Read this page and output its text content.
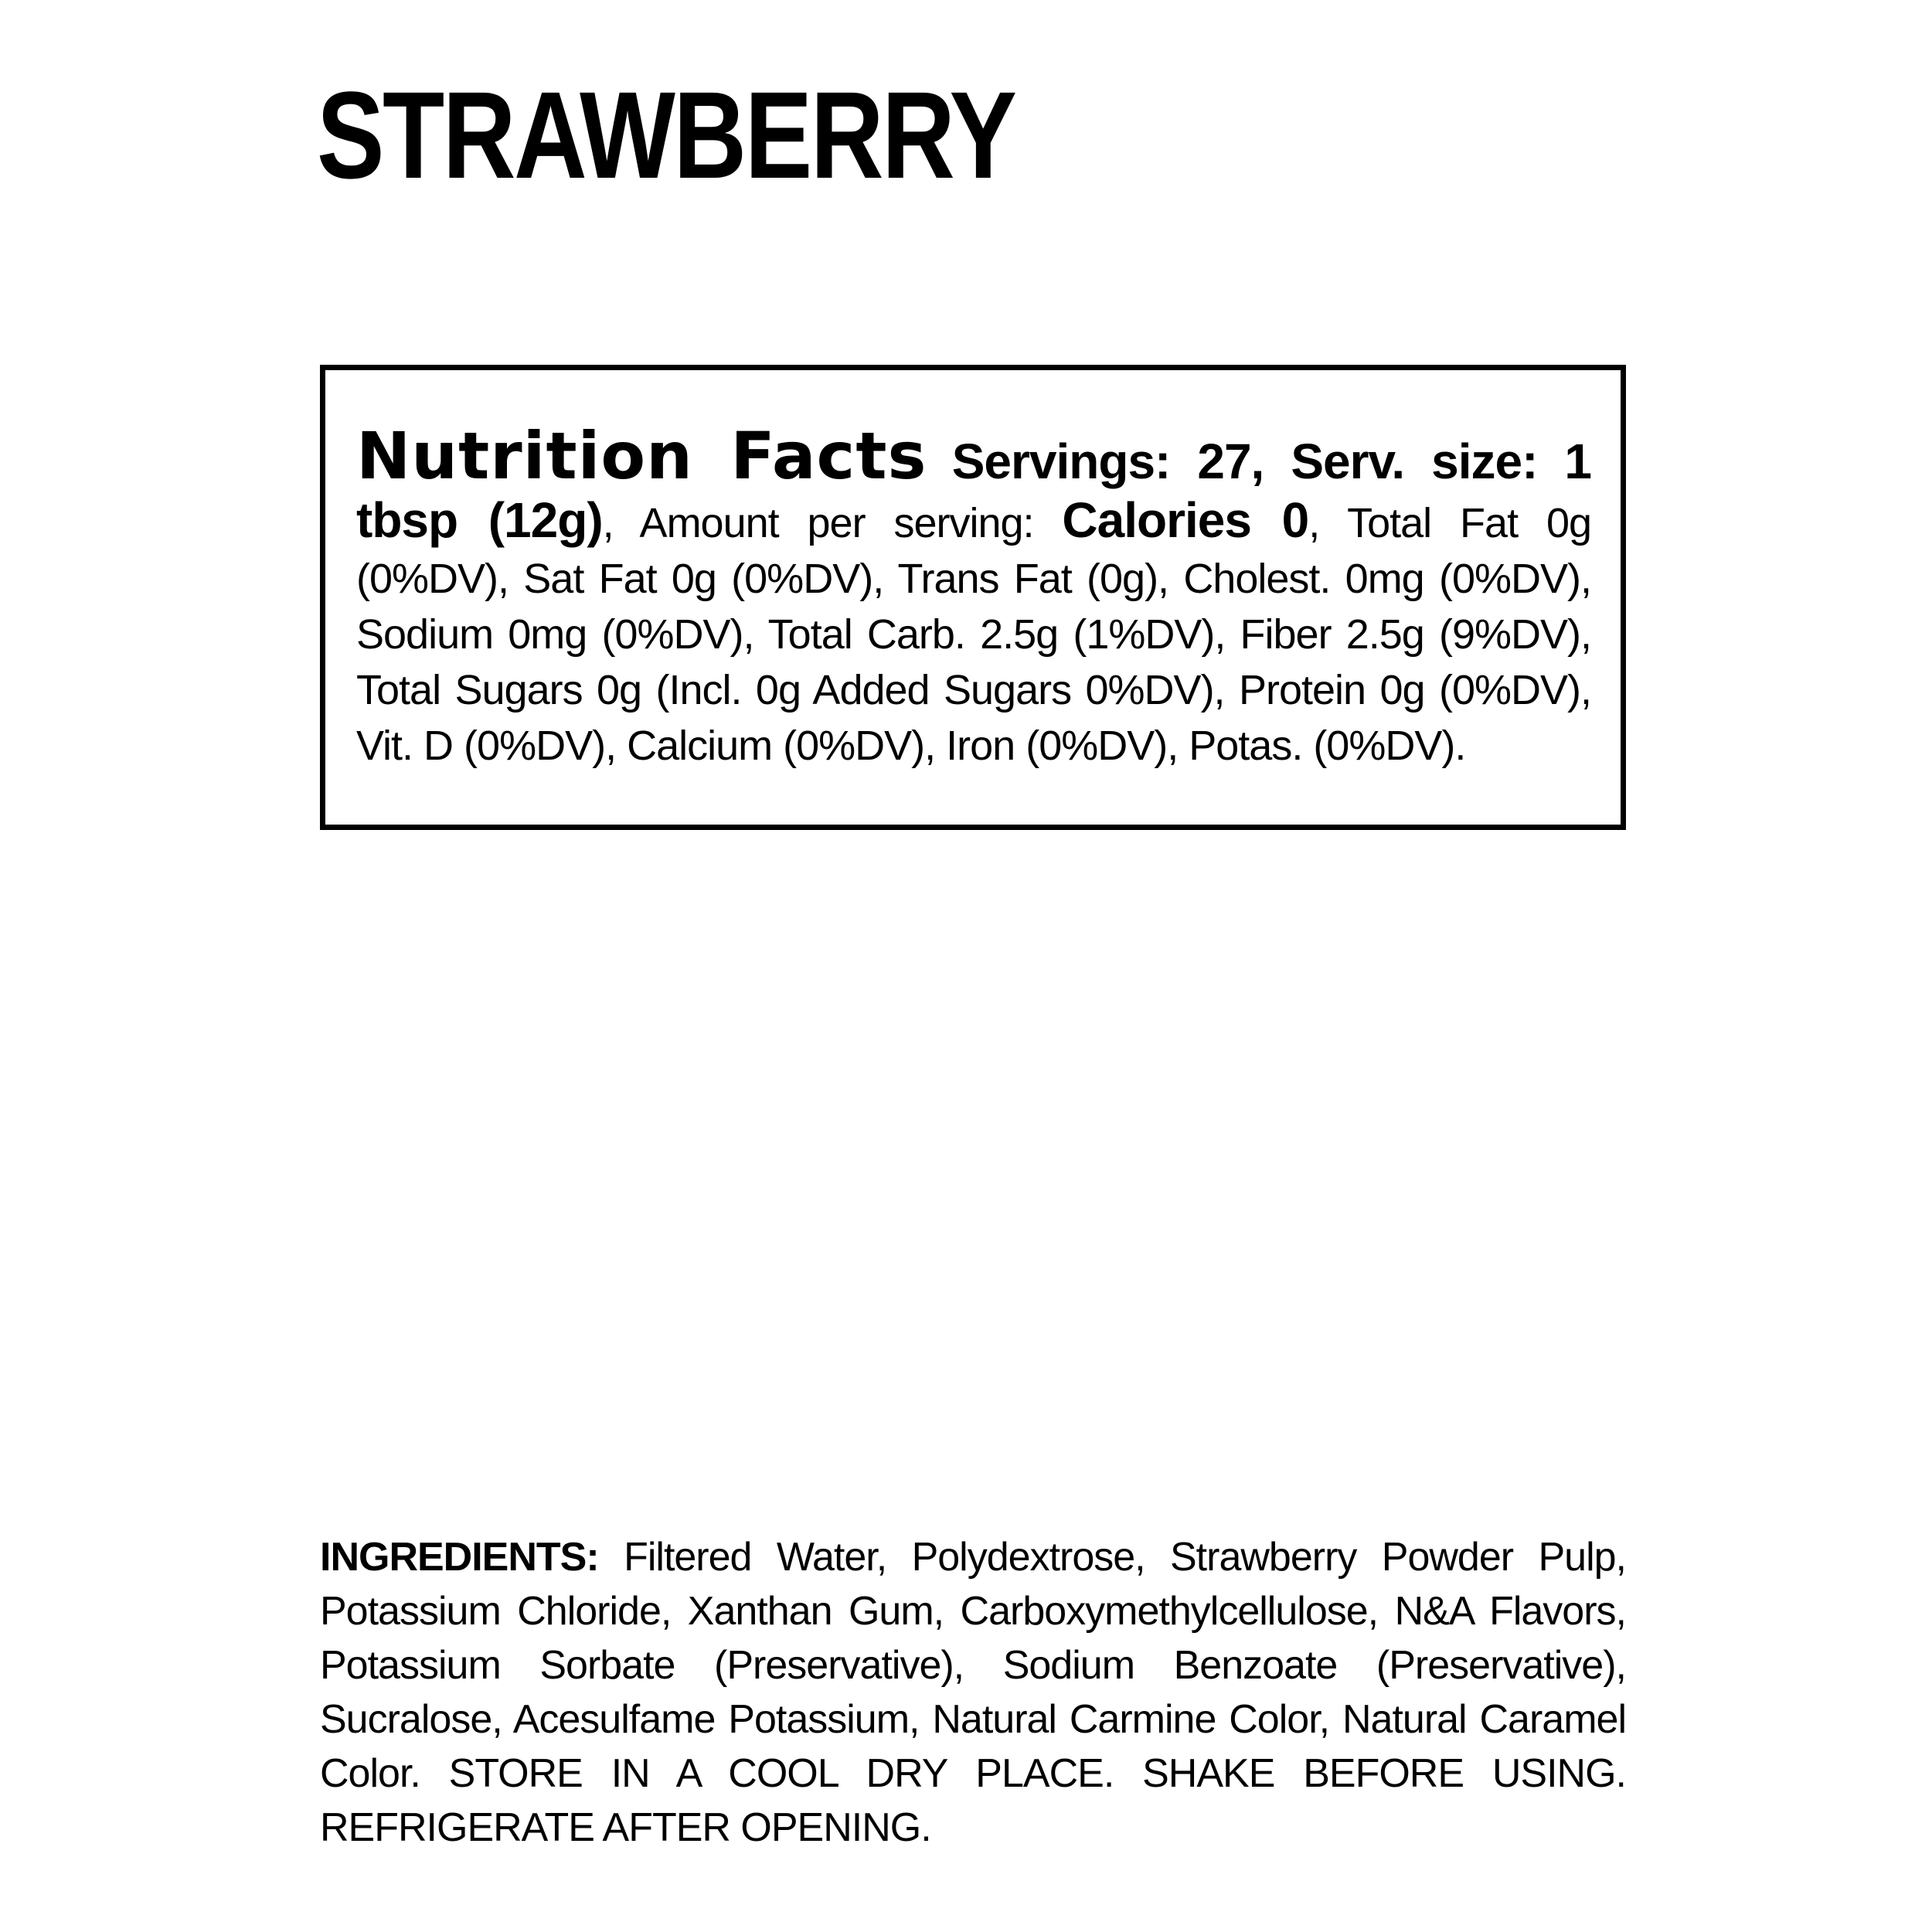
STRAWBERRY

Nutrition Facts Servings: 27, Serv. size: 1 tbsp (12g), Amount per serving: Calories 0, Total Fat 0g (0%DV), Sat Fat 0g (0%DV), Trans Fat (0g), Cholest. 0mg (0%DV), Sodium 0mg (0%DV), Total Carb. 2.5g (1%DV), Fiber 2.5g (9%DV), Total Sugars 0g (Incl. 0g Added Sugars 0%DV), Protein 0g (0%DV), Vit. D (0%DV), Calcium (0%DV), Iron (0%DV), Potas. (0%DV).

INGREDIENTS: Filtered Water, Polydextrose, Strawberry Powder Pulp, Potassium Chloride, Xanthan Gum, Carboxymethylcellulose, N&A Flavors, Potassium Sorbate (Preservative), Sodium Benzoate (Preservative), Sucralose, Acesulfame Potassium, Natural Carmine Color, Natural Caramel Color. STORE IN A COOL DRY PLACE. SHAKE BEFORE USING. REFRIGERATE AFTER OPENING.
